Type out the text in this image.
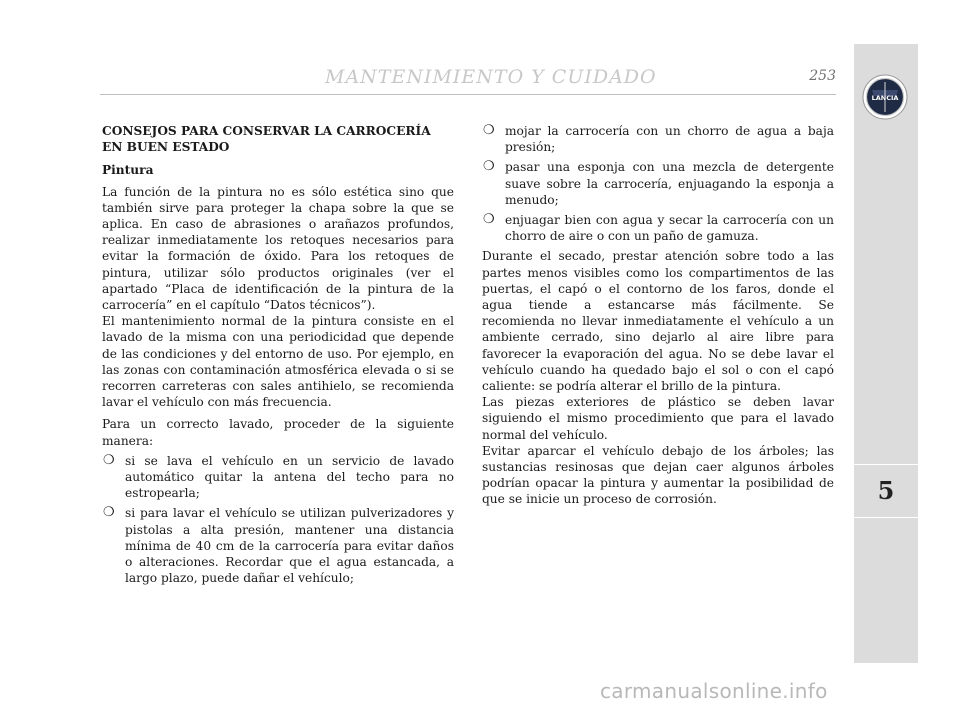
MANTENIMIENTO Y CUIDADO	253
LANCIA
5
CONSEJOS PARA CONSERVAR LA CARROCERÍA
EN BUEN ESTADO
Pintura

La función de la pintura no es sólo estética sino que también sirve para proteger la chapa sobre la que se aplica. En caso de abrasiones o arañazos profundos, realizar inmediatamente los retoques necesarios para evitar la formación de óxido. Para los retoques de pintura, utilizar sólo productos originales (ver el apartado “Placa de identificación de la pintura de la carrocería” en el capítulo “Datos técnicos”).

El mantenimiento normal de la pintura consiste en el lavado de la misma con una periodicidad que depende de las condiciones y del entorno de uso. Por ejemplo, en las zonas con contaminación atmosférica elevada o si se recorren carreteras con sales antihielo, se recomienda lavar el vehículo con más frecuencia.

Para un correcto lavado, proceder de la siguiente manera:

❍ si se lava el vehículo en un servicio de lavado automático quitar la antena del techo para no estropearla;
❍ si para lavar el vehículo se utilizan pulverizadores y pistolas a alta presión, mantener una distancia mínima de 40 cm de la carrocería para evitar daños o alteraciones. Recordar que el agua estancada, a largo plazo, puede dañar el vehículo;
❍ mojar la carrocería con un chorro de agua a baja presión;
❍ pasar una esponja con una mezcla de detergente suave sobre la carrocería, enjuagando la esponja a menudo;
❍ enjuagar bien con agua y secar la carrocería con un chorro de aire o con un paño de gamuza.

Durante el secado, prestar atención sobre todo a las partes menos visibles como los compartimentos de las puertas, el capó o el contorno de los faros, donde el agua tiende a estancarse más fácilmente. Se recomienda no llevar inmediatamente el vehículo a un ambiente cerrado, sino dejarlo al aire libre para favorecer la evaporación del agua. No se debe lavar el vehículo cuando ha quedado bajo el sol o con el capó caliente: se podría alterar el brillo de la pintura.

Las piezas exteriores de plástico se deben lavar siguiendo el mismo procedimiento que para el lavado normal del vehículo.

Evitar aparcar el vehículo debajo de los árboles; las sustancias resinosas que dejan caer algunos árboles podrían opacar la pintura y aumentar la posibilidad de que se inicie un proceso de corrosión.

carmanualsonline.info
